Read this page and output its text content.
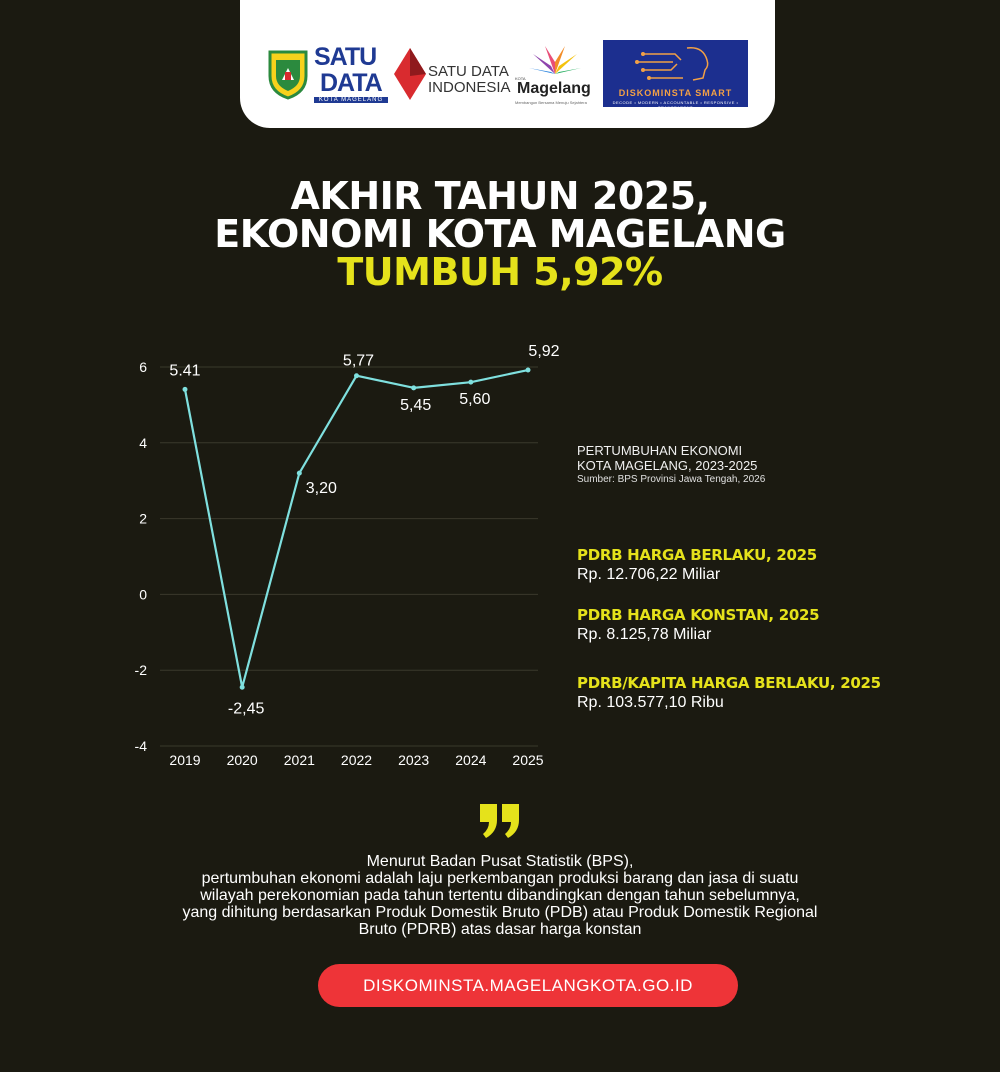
SATU
DATA
KOTA MAGELANG
SATU DATA
INDONESIA
KOTA
Magelang
Membangun Bersama Menuju Sejahtera
DISKOMINSTA SMART
DECODE • MODERN • ACCOUNTABLE • RESPONSIVE • TRANSPARENT
AKHIR TAHUN 2025,
EKONOMI KOTA MAGELANG
TUMBUH 5,92%
-4
-2
0
2
4
6
2019 2020 2021 2022 2023 2024 2025
5.41
-2,45
3,20
5,77
5,45 5,60
5,92
PERTUMBUHAN EKONOMI
KOTA MAGELANG, 2023-2025
Sumber: BPS Provinsi Jawa Tengah, 2026
PDRB HARGA BERLAKU, 2025
Rp. 12.706,22 Miliar
PDRB HARGA KONSTAN, 2025
Rp. 8.125,78 Miliar
PDRB/KAPITA HARGA BERLAKU, 2025
Rp. 103.577,10 Ribu

Menurut Badan Pusat Statistik (BPS),

pertumbuhan ekonomi adalah laju perkembangan produksi barang dan jasa di suatu

wilayah perekonomian pada tahun tertentu dibandingkan dengan tahun sebelumnya,

yang dihitung berdasarkan Produk Domestik Bruto (PDB) atau Produk Domestik Regional

Bruto (PDRB) atas dasar harga konstan

DISKOMINSTA.MAGELANGKOTA.GO.ID
